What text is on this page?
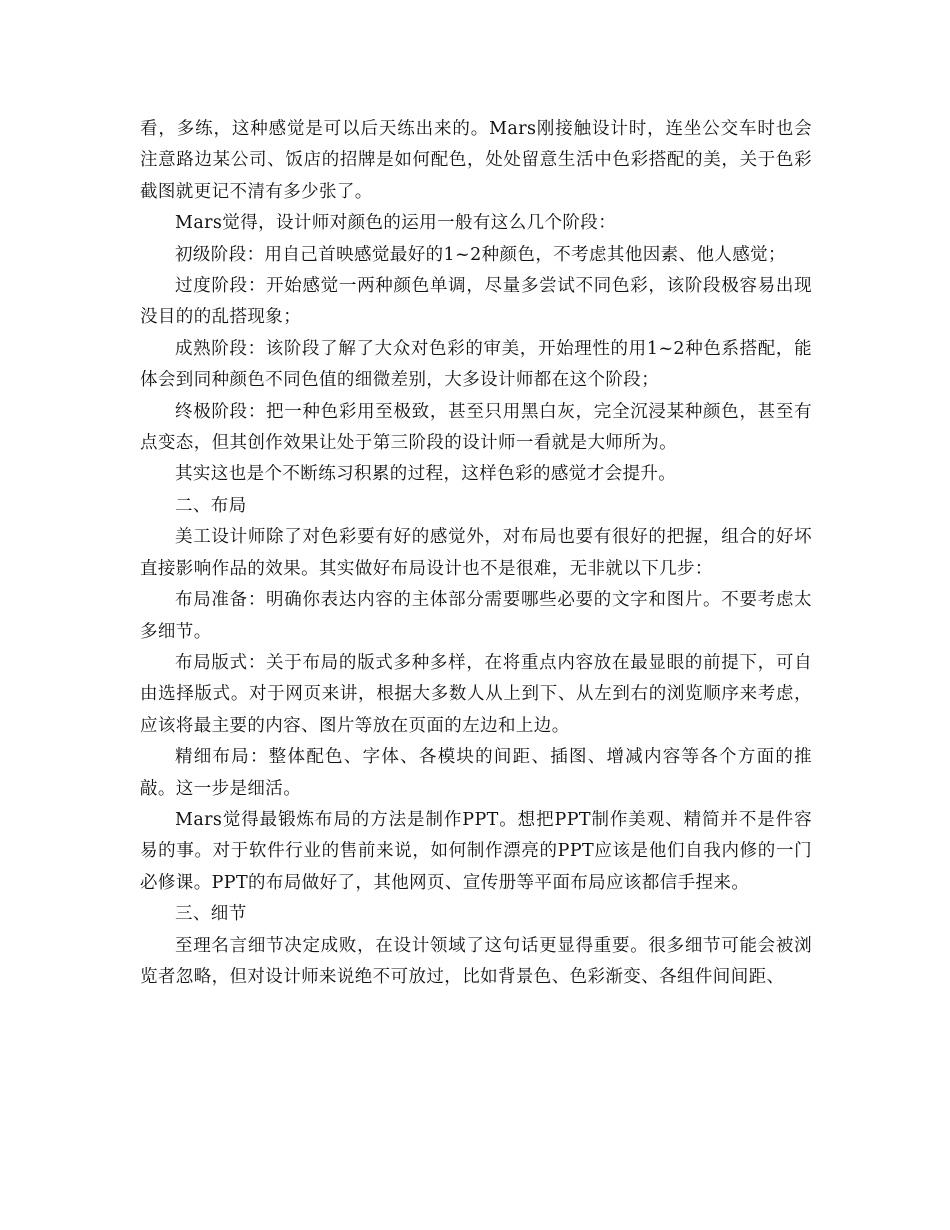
看，多练，这种感觉是可以后天练出来的。Mars刚接触设计时，连坐公交车时也会注意路边某公司、饭店的招牌是如何配色，处处留意生活中色彩搭配的美，关于色彩截图就更记不清有多少张了。

Mars觉得，设计师对颜色的运用一般有这么几个阶段：

初级阶段：用自己首映感觉最好的1~2种颜色，不考虑其他因素、他人感觉；

过度阶段：开始感觉一两种颜色单调，尽量多尝试不同色彩，该阶段极容易出现没目的的乱搭现象；

成熟阶段：该阶段了解了大众对色彩的审美，开始理性的用1~2种色系搭配，能体会到同种颜色不同色值的细微差别，大多设计师都在这个阶段；

终极阶段：把一种色彩用至极致，甚至只用黑白灰，完全沉浸某种颜色，甚至有点变态，但其创作效果让处于第三阶段的设计师一看就是大师所为。

其实这也是个不断练习积累的过程，这样色彩的感觉才会提升。

二、布局

美工设计师除了对色彩要有好的感觉外，对布局也要有很好的把握，组合的好坏直接影响作品的效果。其实做好布局设计也不是很难，无非就以下几步：

布局准备：明确你表达内容的主体部分需要哪些必要的文字和图片。不要考虑太多细节。

布局版式：关于布局的版式多种多样，在将重点内容放在最显眼的前提下，可自由选择版式。对于网页来讲，根据大多数人从上到下、从左到右的浏览顺序来考虑，应该将最主要的内容、图片等放在页面的左边和上边。

精细布局：整体配色、字体、各模块的间距、插图、增减内容等各个方面的推敲。这一步是细活。

Mars觉得最锻炼布局的方法是制作PPT。想把PPT制作美观、精简并不是件容易的事。对于软件行业的售前来说，如何制作漂亮的PPT应该是他们自我内修的一门必修课。PPT的布局做好了，其他网页、宣传册等平面布局应该都信手捏来。

三、细节

至理名言细节决定成败，在设计领域了这句话更显得重要。很多细节可能会被浏览者忽略，但对设计师来说绝不可放过，比如背景色、色彩渐变、各组件间间距、
